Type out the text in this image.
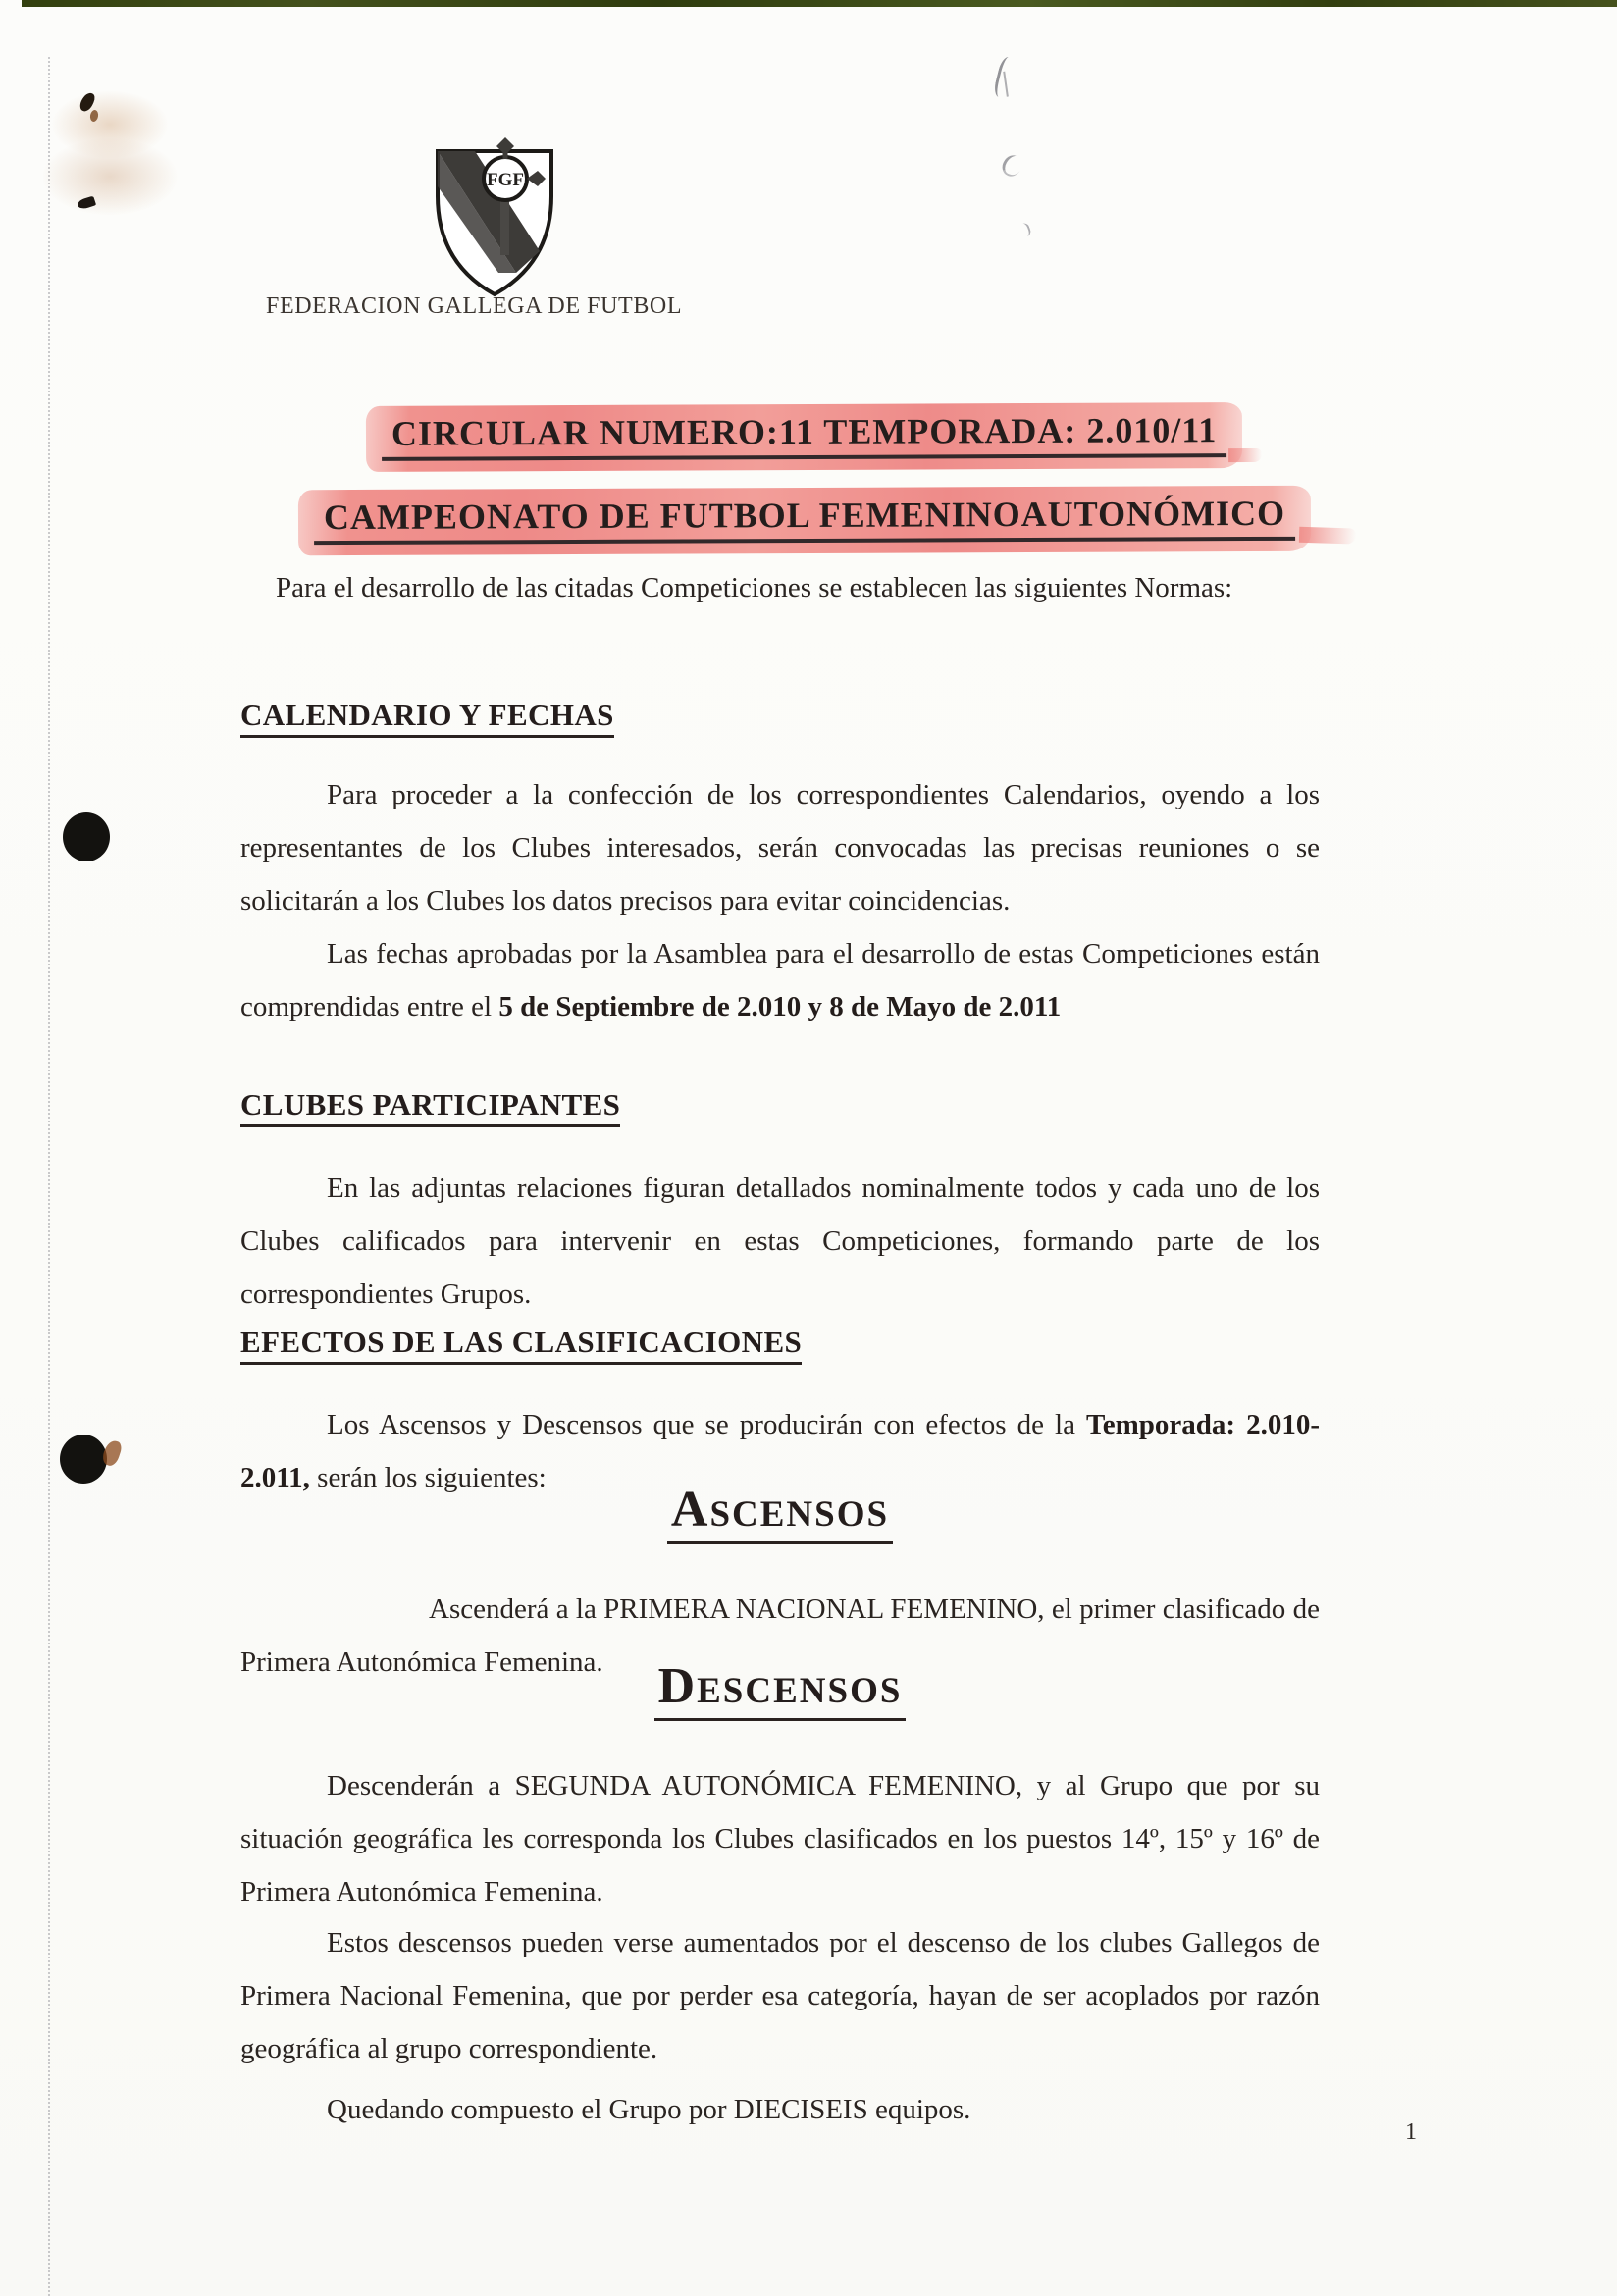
FGF
FEDERACION GALLEGA DE FUTBOL
CIRCULAR NUMERO:11 TEMPORADA: 2.010/11
CAMPEONATO DE FUTBOL FEMENINOAUTONÓMICO

Para el desarrollo de las citadas Competiciones se establecen las siguientes Normas:

CALENDARIO Y FECHAS

Para proceder a la confección de los correspondientes Calendarios, oyendo a los representantes de los Clubes interesados, serán convocadas las precisas reuniones o se solicitarán a los Clubes los datos precisos para evitar coincidencias.

Las fechas aprobadas por la Asamblea para el desarrollo de estas Competiciones están comprendidas entre el 5 de Septiembre de 2.010 y 8 de Mayo de 2.011

CLUBES PARTICIPANTES

En las adjuntas relaciones figuran detallados nominalmente todos y cada uno de los Clubes calificados para intervenir en estas Competiciones, formando parte de los correspondientes Grupos.

EFECTOS DE LAS CLASIFICACIONES

Los Ascensos y Descensos que se producirán con efectos de la Temporada: 2.010-2.011, serán los siguientes:

ASCENSOS

Ascenderá a la PRIMERA NACIONAL FEMENINO, el primer clasificado de Primera Autonómica Femenina.	DESCENSOS

Descenderán a SEGUNDA AUTONÓMICA FEMENINO, y al Grupo que por su situación geográfica les corresponda los Clubes clasificados en los puestos 14º, 15º y 16º de Primera Autonómica Femenina.

Estos descensos pueden verse aumentados por el descenso de los clubes Gallegos de Primera Nacional Femenina, que por perder esa categoría, hayan de ser acoplados por razón geográfica al grupo correspondiente.

Quedando compuesto el Grupo por DIECISEIS equipos.

1
